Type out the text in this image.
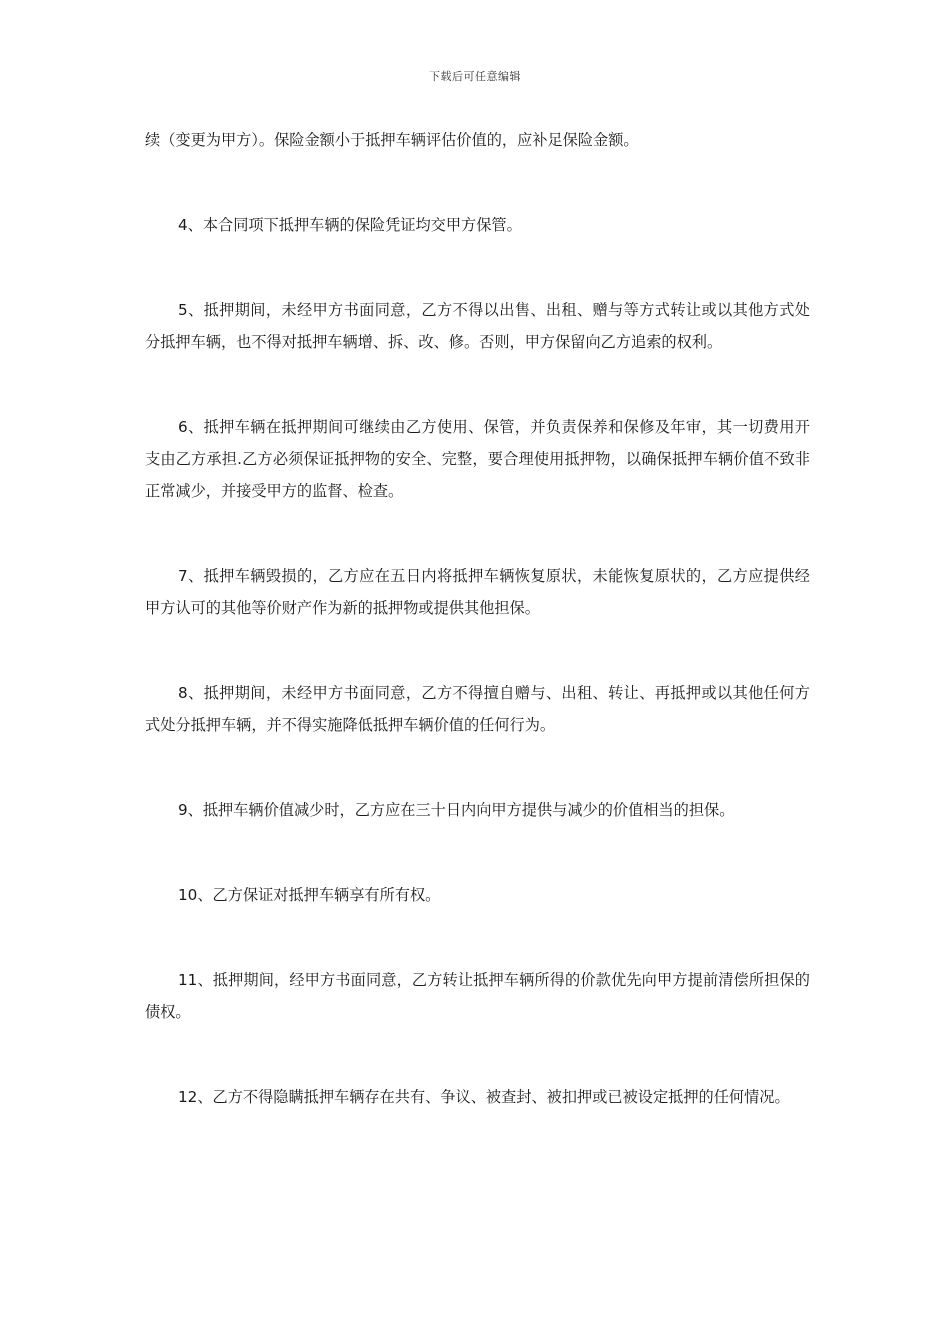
下载后可任意编辑

续（变更为甲方）。保险金额小于抵押车辆评估价值的，应补足保险金额。

4、本合同项下抵押车辆的保险凭证均交甲方保管。

5、抵押期间，未经甲方书面同意，乙方不得以出售、出租、赠与等方式转让或以其他方式处分抵押车辆，也不得对抵押车辆增、拆、改、修。否则，甲方保留向乙方追索的权利。

6、抵押车辆在抵押期间可继续由乙方使用、保管，并负责保养和保修及年审，其一切费用开支由乙方承担.乙方必须保证抵押物的安全、完整，要合理使用抵押物，以确保抵押车辆价值不致非正常减少，并接受甲方的监督、检查。

7、抵押车辆毁损的，乙方应在五日内将抵押车辆恢复原状，未能恢复原状的，乙方应提供经甲方认可的其他等价财产作为新的抵押物或提供其他担保。

8、抵押期间，未经甲方书面同意，乙方不得擅自赠与、出租、转让、再抵押或以其他任何方式处分抵押车辆，并不得实施降低抵押车辆价值的任何行为。

9、抵押车辆价值减少时，乙方应在三十日内向甲方提供与减少的价值相当的担保。

10、乙方保证对抵押车辆享有所有权。

11、抵押期间，经甲方书面同意，乙方转让抵押车辆所得的价款优先向甲方提前清偿所担保的债权。

12、乙方不得隐瞒抵押车辆存在共有、争议、被查封、被扣押或已被设定抵押的任何情况。
